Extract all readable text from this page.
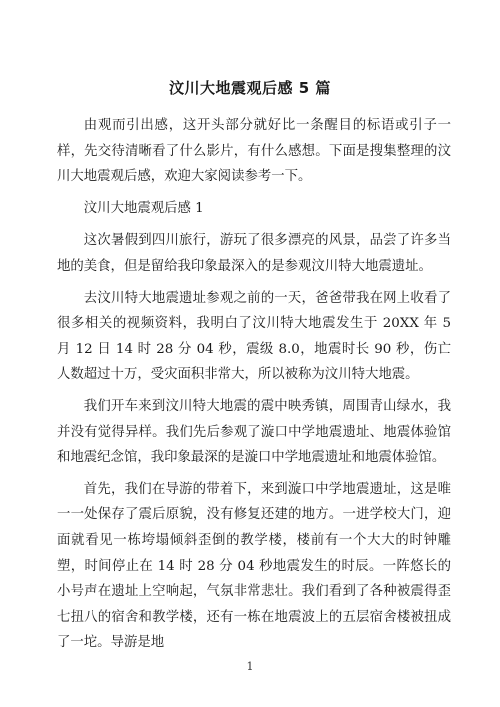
汶川大地震观后感 5 篇

由观而引出感，这开头部分就好比一条醒目的标语或引子一样，先交待清晰看了什么影片，有什么感想。下面是搜集整理的汶川大地震观后感，欢迎大家阅读参考一下。

汶川大地震观后感 1

这次暑假到四川旅行，游玩了很多漂亮的风景，品尝了许多当地的美食，但是留给我印象最深入的是参观汶川特大地震遗址。

去汶川特大地震遗址参观之前的一天，爸爸带我在网上收看了很多相关的视频资料，我明白了汶川特大地震发生于 20XX 年 5 月 12 日 14 时 28 分 04 秒，震级 8.0，地震时长 90 秒，伤亡人数超过十万，受灾面积非常大，所以被称为汶川特大地震。

我们开车来到汶川特大地震的震中映秀镇，周围青山绿水，我并没有觉得异样。我们先后参观了漩口中学地震遗址、地震体验馆和地震纪念馆，我印象最深的是漩口中学地震遗址和地震体验馆。

首先，我们在导游的带着下，来到漩口中学地震遗址，这是唯一一处保存了震后原貌，没有修复还建的地方。一进学校大门，迎面就看见一栋垮塌倾斜歪倒的教学楼，楼前有一个大大的时钟雕塑，时间停止在 14 时 28 分 04 秒地震发生的时辰。一阵悠长的小号声在遗址上空响起，气氛非常悲壮。我们看到了各种被震得歪七扭八的宿舍和教学楼，还有一栋在地震波上的五层宿舍楼被扭成了一坨。导游是地

1
